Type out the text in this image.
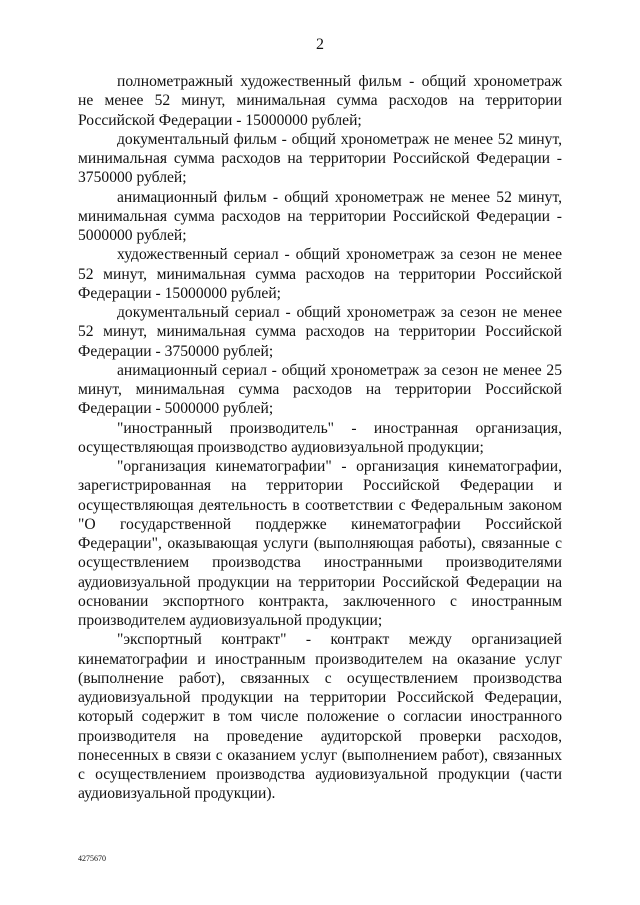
2

полнометражный художественный фильм - общий хронометраж не менее 52 минут, минимальная сумма расходов на территории Российской Федерации - 15000000 рублей;

документальный фильм - общий хронометраж не менее 52 минут, минимальная сумма расходов на территории Российской Федерации - 3750000 рублей;

анимационный фильм - общий хронометраж не менее 52 минут, минимальная сумма расходов на территории Российской Федерации - 5000000 рублей;

художественный сериал - общий хронометраж за сезон не менее 52 минут, минимальная сумма расходов на территории Российской Федерации - 15000000 рублей;

документальный сериал - общий хронометраж за сезон не менее 52 минут, минимальная сумма расходов на территории Российской Федерации - 3750000 рублей;

анимационный сериал - общий хронометраж за сезон не менее 25 минут, минимальная сумма расходов на территории Российской Федерации - 5000000 рублей;

"иностранный производитель" - иностранная организация, осуществляющая производство аудиовизуальной продукции;

"организация кинематографии" - организация кинематографии, зарегистрированная на территории Российской Федерации и осуществляющая деятельность в соответствии с Федеральным законом "О государственной поддержке кинематографии Российской Федерации", оказывающая услуги (выполняющая работы), связанные с осуществлением производства иностранными производителями аудиовизуальной продукции на территории Российской Федерации на основании экспортного контракта, заключенного с иностранным производителем аудиовизуальной продукции;

"экспортный контракт" - контракт между организацией кинематографии и иностранным производителем на оказание услуг (выполнение работ), связанных с осуществлением производства аудиовизуальной продукции на территории Российской Федерации, который содержит в том числе положение о согласии иностранного производителя на проведение аудиторской проверки расходов, понесенных в связи с оказанием услуг (выполнением работ), связанных с осуществлением производства аудиовизуальной продукции (части аудиовизуальной продукции).

4275670
